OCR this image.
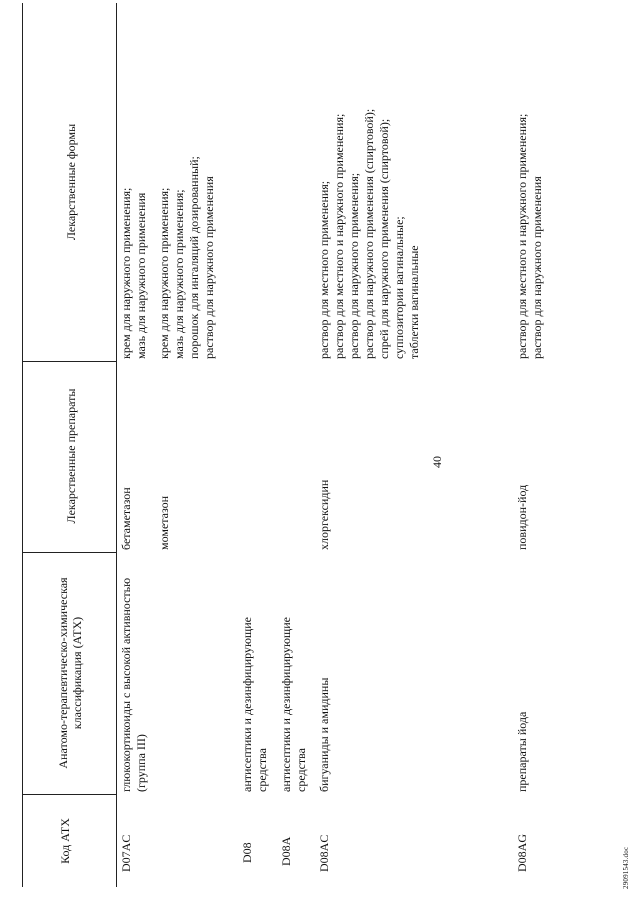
40
Код АТХ
Анатомо-терапевтическо-химическая классификация (АТХ)
Лекарственные препараты
Лекарственные формы
D07AC
глюкокортикоиды с высокой активностью (группа III)
бетаметазон
крем для наружного применения;
мазь для наружного применения
мометазон
крем для наружного применения;
мазь для наружного применения;
порошок для ингаляций дозированный;
раствор для наружного применения
D08
антисептики и дезинфицирующие средства
D08A
антисептики и дезинфицирующие средства
D08AC
бигуаниды и амидины
хлоргексидин
раствор для местного применения;
раствор для местного и наружного применения;
раствор для наружного применения;
раствор для наружного применения (спиртовой);
спрей для наружного применения (спиртовой);
суппозитории вагинальные;
таблетки вагинальные
D08AG
препараты йода
повидон-йод
раствор для местного и наружного применения;
раствор для наружного применения
29091543.doc
